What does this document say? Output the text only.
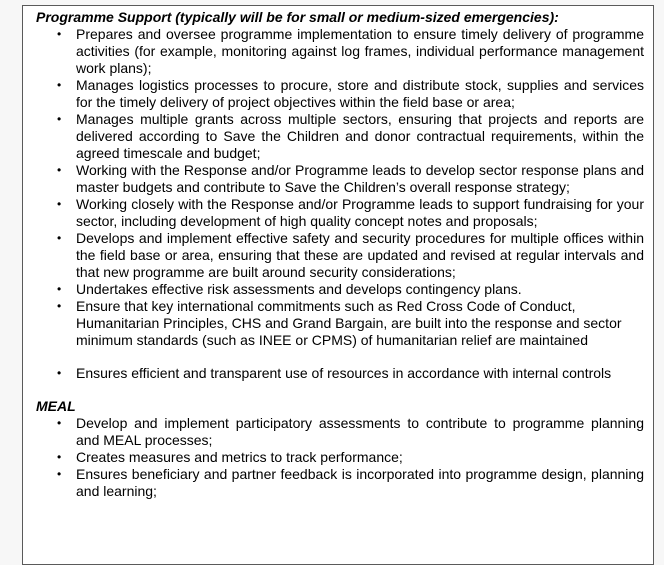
Programme Support (typically will be for small or medium-sized emergencies):
•	Prepares and oversee programme implementation to ensure timely delivery of programme activities (for example, monitoring against log frames, individual performance management work plans);
•	Manages logistics processes to procure, store and distribute stock, supplies and services for the timely delivery of project objectives within the field base or area;
•	Manages multiple grants across multiple sectors, ensuring that projects and reports are delivered according to Save the Children and donor contractual requirements, within the agreed timescale and budget;
•	Working with the Response and/or Programme leads to develop sector response plans and master budgets and contribute to Save the Children’s overall response strategy;
•	Working closely with the Response and/or Programme leads to support fundraising for your sector, including development of high quality concept notes and proposals;
•	Develops and implement effective safety and security procedures for multiple offices within the field base or area, ensuring that these are updated and revised at regular intervals and that new programme are built around security considerations;
•	Undertakes effective risk assessments and develops contingency plans.
•	Ensure that key international commitments such as Red Cross Code of Conduct, Humanitarian Principles, CHS and Grand Bargain, are built into the response and sector minimum standards (such as INEE or CPMS) of humanitarian relief are maintained
•	Ensures efficient and transparent use of resources in accordance with internal controls
MEAL
•	Develop and implement participatory assessments to contribute to programme planning and MEAL processes;
•	Creates measures and metrics to track performance;
•	Ensures beneficiary and partner feedback is incorporated into programme design, planning and learning;
